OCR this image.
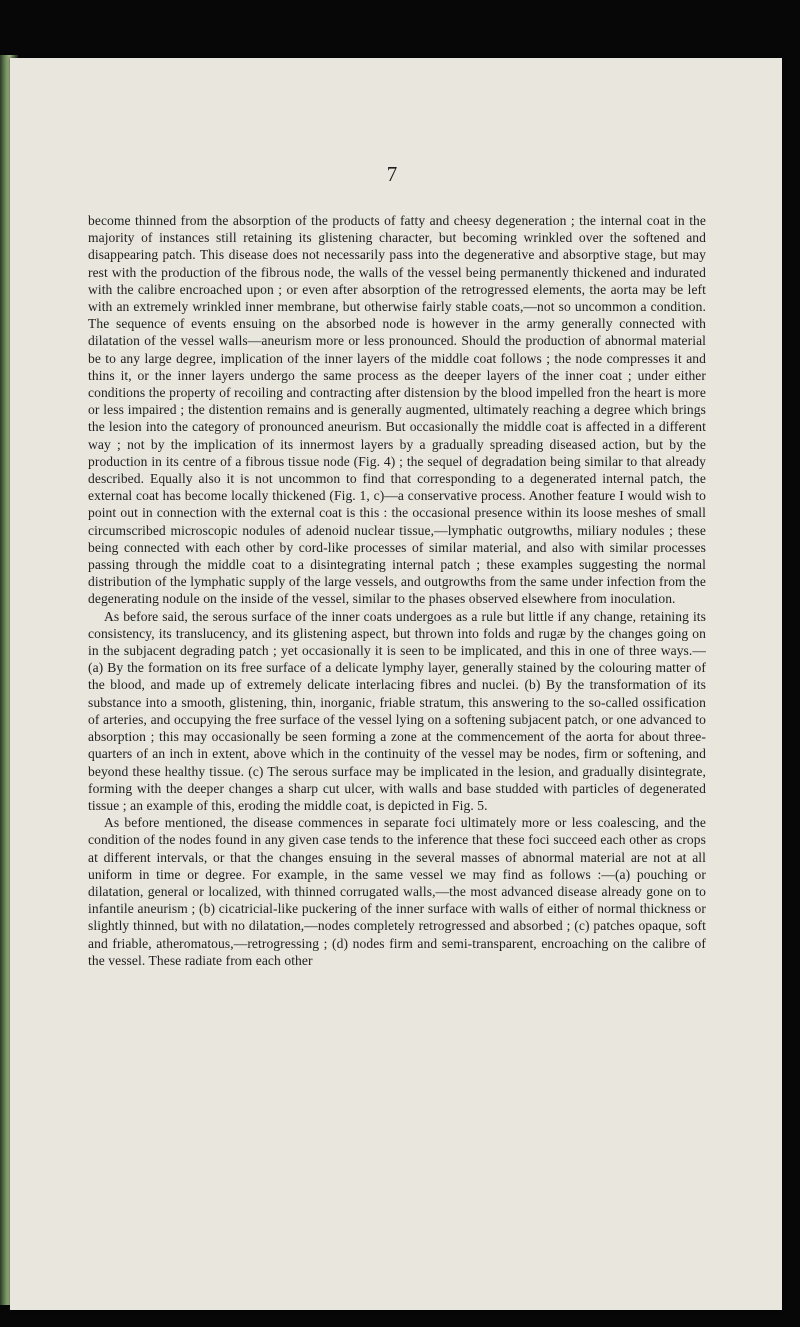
7

become thinned from the absorption of the products of fatty and cheesy degeneration ; the internal coat in the majority of instances still retaining its glistening character, but becoming wrinkled over the softened and disappearing patch. This disease does not necessarily pass into the degenerative and absorptive stage, but may rest with the production of the fibrous node, the walls of the vessel being permanently thickened and indurated with the calibre encroached upon ; or even after absorption of the retrogressed elements, the aorta may be left with an extremely wrinkled inner membrane, but otherwise fairly stable coats,—not so uncommon a condition. The sequence of events ensuing on the absorbed node is however in the army generally connected with dilatation of the vessel walls—aneurism more or less pronounced. Should the production of abnormal material be to any large degree, implication of the inner layers of the middle coat follows ; the node compresses it and thins it, or the inner layers undergo the same process as the deeper layers of the inner coat ; under either conditions the property of recoiling and contracting after distension by the blood impelled fron the heart is more or less impaired ; the distention remains and is generally augmented, ultimately reaching a degree which brings the lesion into the category of pronounced aneurism. But occasionally the middle coat is affected in a different way ; not by the implication of its innermost layers by a gradually spreading diseased action, but by the production in its centre of a fibrous tissue node (Fig. 4) ; the sequel of degradation being similar to that already described. Equally also it is not uncommon to find that corresponding to a degenerated internal patch, the external coat has become locally thickened (Fig. 1, c)—a conservative process. Another feature I would wish to point out in connection with the external coat is this : the occasional presence within its loose meshes of small circumscribed microscopic nodules of adenoid nuclear tissue,—lymphatic outgrowths, miliary nodules ; these being connected with each other by cord-like processes of similar material, and also with similar processes passing through the middle coat to a disintegrating internal patch ; these examples suggesting the normal distribution of the lymphatic supply of the large vessels, and outgrowths from the same under infection from the degenerating nodule on the inside of the vessel, similar to the phases observed elsewhere from inoculation.

As before said, the serous surface of the inner coats undergoes as a rule but little if any change, retaining its consistency, its translucency, and its glistening aspect, but thrown into folds and rugæ by the changes going on in the subjacent degrading patch ; yet occasionally it is seen to be implicated, and this in one of three ways.—(a) By the formation on its free surface of a delicate lymphy layer, generally stained by the colouring matter of the blood, and made up of extremely delicate interlacing fibres and nuclei. (b) By the transformation of its substance into a smooth, glistening, thin, inorganic, friable stratum, this answering to the so-called ossification of arteries, and occupying the free surface of the vessel lying on a softening subjacent patch, or one advanced to absorption ; this may occasionally be seen forming a zone at the commencement of the aorta for about three-quarters of an inch in extent, above which in the continuity of the vessel may be nodes, firm or softening, and beyond these healthy tissue. (c) The serous surface may be implicated in the lesion, and gradually disintegrate, forming with the deeper changes a sharp cut ulcer, with walls and base studded with particles of degenerated tissue ; an example of this, eroding the middle coat, is depicted in Fig. 5.

As before mentioned, the disease commences in separate foci ultimately more or less coalescing, and the condition of the nodes found in any given case tends to the inference that these foci succeed each other as crops at different intervals, or that the changes ensuing in the several masses of abnormal material are not at all uniform in time or degree. For example, in the same vessel we may find as follows :—(a) pouching or dilatation, general or localized, with thinned corrugated walls,—the most advanced disease already gone on to infantile aneurism ; (b) cicatricial-like puckering of the inner surface with walls of either of normal thickness or slightly thinned, but with no dilatation,—nodes completely retrogressed and absorbed ; (c) patches opaque, soft and friable, atheromatous,—retrogressing ; (d) nodes firm and semi-transparent, encroaching on the calibre of the vessel. These radiate from each other
